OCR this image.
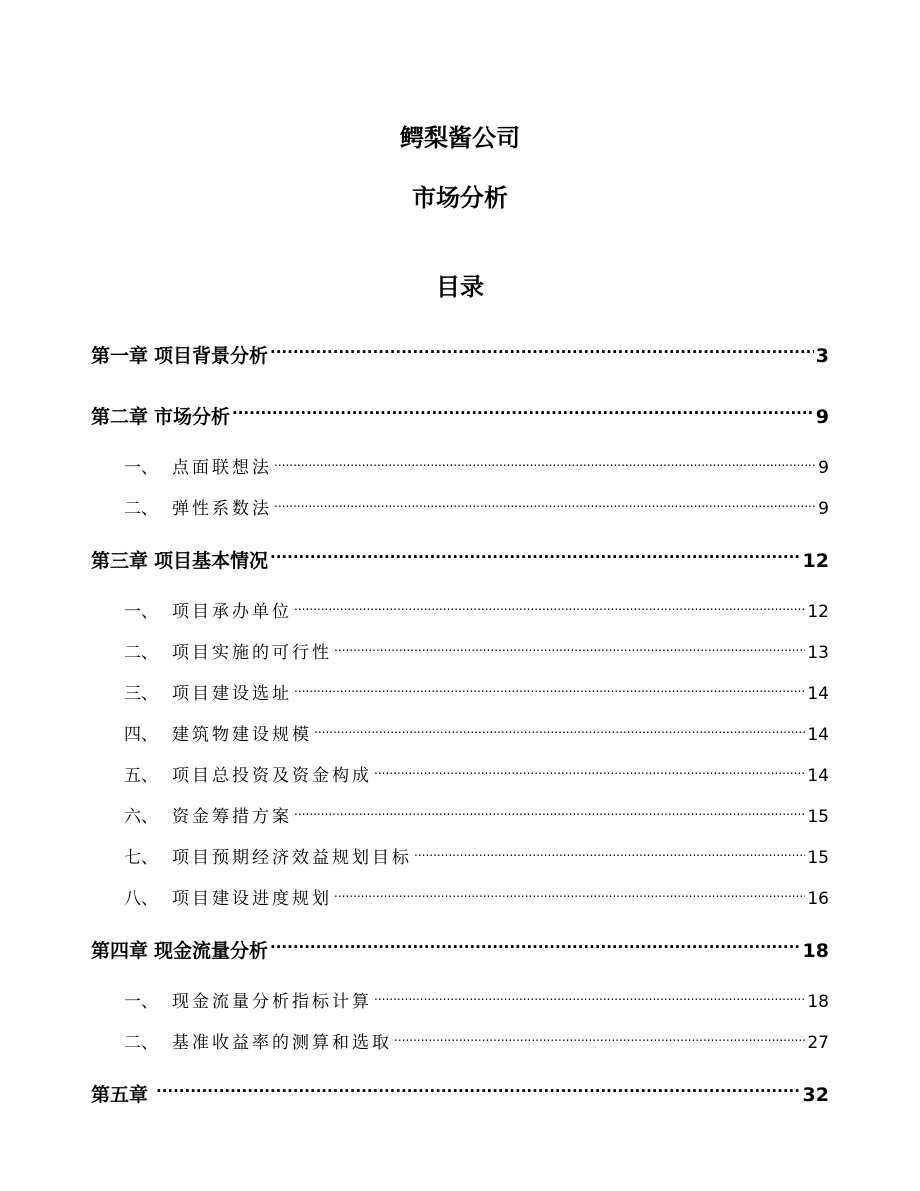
鳄梨酱公司
市场分析
目录
第一章 项目背景分析 .....	3
第二章 市场分析 .....	9
一、 点面联想法 .....	9
二、 弹性系数法 .....	9
第三章 项目基本情况 .....	12
一、 项目承办单位 .....	12
二、 项目实施的可行性 .....	13
三、 项目建设选址 .....	14
四、 建筑物建设规模 .....	14
五、 项目总投资及资金构成 .....	14
六、 资金筹措方案 .....	15
七、 项目预期经济效益规划目标 .....	15
八、 项目建设进度规划 .....	16
第四章 现金流量分析 .....	18
一、 现金流量分析指标计算 .....	18
二、 基准收益率的测算和选取 .....	27
第五章 .....	32
